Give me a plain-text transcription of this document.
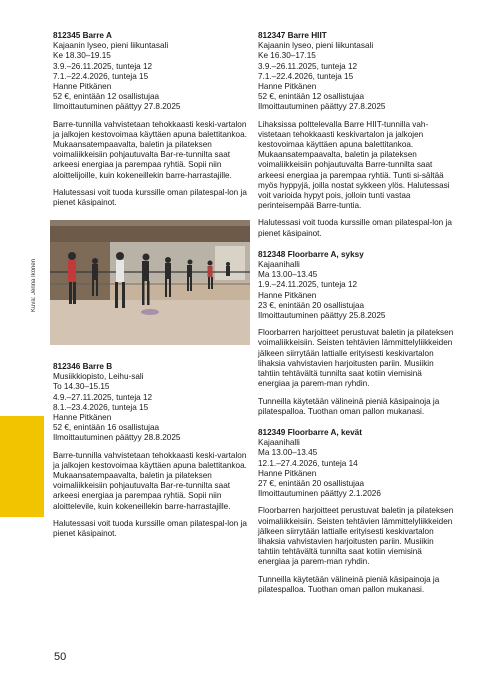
812345 Barre A

Kajaanin lyseo, pieni liikuntasali

Ke 18.30–19.15

3.9.–26.11.2025, tunteja 12

7.1.–22.4.2026, tunteja 15

Hanne Pitkänen

52 €, enintään 12 osallistujaa

Ilmoittautuminen päättyy 27.8.2025

Barre-tunnilla vahvistetaan tehokkaasti keski-vartalon ja jalkojen kestovoimaa käyttäen apuna balettitankoa. Mukaansatempaavalta, baletin ja pilateksen voimaliikkeisiin pohjautuvalta Bar-re-tunnilta saat arkeesi energiaa ja parempaa ryhtiä. Sopii niin aloittelijoille, kuin kokeneillekin barre-harrastajille.

Halutessasi voit tuoda kurssille oman pilatespal-lon ja pienet käsipainot.

Kuva: Jenna Ikonen

812346 Barre B

Musiikkiopisto, Leihu-sali

To 14.30–15.15

4.9.–27.11.2025, tunteja 12

8.1.–23.4.2026, tunteja 15

Hanne Pitkänen

52 €, enintään 16 osallistujaa

Ilmoittautuminen päättyy 28.8.2025

Barre-tunnilla vahvistetaan tehokkaasti keski-vartalon ja jalkojen kestovoimaa käyttäen apuna balettitankoa. Mukaansatempaavalta, baletin ja pilateksen voimaliikkeisiin pohjautuvalta Bar-re-tunnilta saat arkeesi energiaa ja parempaa ryhtiä. Sopii niin aloittelevile, kuin kokeneillekin barre-harrastajille.

Halutessasi voit tuoda kurssille oman pilatespal-lon ja pienet käsipainot.

812347 Barre HIIT

Kajaanin lyseo, pieni liikuntasali

Ke 16.30–17.15

3.9.–26.11.2025, tunteja 12

7.1.–22.4.2026, tunteja 15

Hanne Pitkänen

52 €, enintään 12 osallistujaa

Ilmoittautuminen päättyy 27.8.2025

Lihaksissa polttelevalla Barre HIIT-tunnilla vah-vistetaan tehokkaasti keskivartalon ja jalkojen kestovoimaa käyttäen apuna balettitankoa. Mukaansatempaavalta, baletin ja pilateksen voimaliikkeisiin pohjautuvalta Barre-tunnilta saat arkeesi energiaa ja parempaa ryhtiä. Tunti si-sältää myös hyppyjä, joilla nostat sykkeen ylös. Halutessasi voit varioida hypyt pois, jolloin tunti vastaa perinteisempää Barre-tuntia.

Halutessasi voit tuoda kurssille oman pilatespal-lon ja pienet käsipainot.

812348 Floorbarre A, syksy

Kajaanihalli

Ma 13.00–13.45

1.9.–24.11.2025, tunteja 12

Hanne Pitkänen

23 €, enintään 20 osallistujaa

Ilmoittautuminen päättyy 25.8.2025

Floorbarren harjoitteet perustuvat baletin ja pilateksen voimaliikkeisiin. Seisten tehtävien lämmittelyliikkeiden jälkeen siirrytään lattialle erityisesti keskivartalon lihaksia vahvistavien harjoitusten pariin. Musiikin tahtiin tehtävältä tunnilta saat kotiin viemisinä energiaa ja parem-man ryhdin.

Tunneilla käytetään välineinä pieniä käsipainoja ja pilatespalloa. Tuothan oman pallon mukanasi.

812349 Floorbarre A, kevät

Kajaanihalli

Ma 13.00–13.45

12.1.–27.4.2026, tunteja 14

Hanne Pitkänen

27 €, enintään 20 osallistujaa

Ilmoittautuminen päättyy 2.1.2026

Floorbarren harjoitteet perustuvat baletin ja pilateksen voimaliikkeisiin. Seisten tehtävien lämmittelyliikkeiden jälkeen siirrytään lattialle erityisesti keskivartalon lihaksia vahvistavien harjoitusten pariin. Musiikin tahtiin tehtävältä tunnilta saat kotiin viemisinä energiaa ja parem-man ryhdin.

Tunneilla käytetään välineinä pieniä käsipainoja ja pilatespalloa. Tuothan oman pallon mukanasi.

50
